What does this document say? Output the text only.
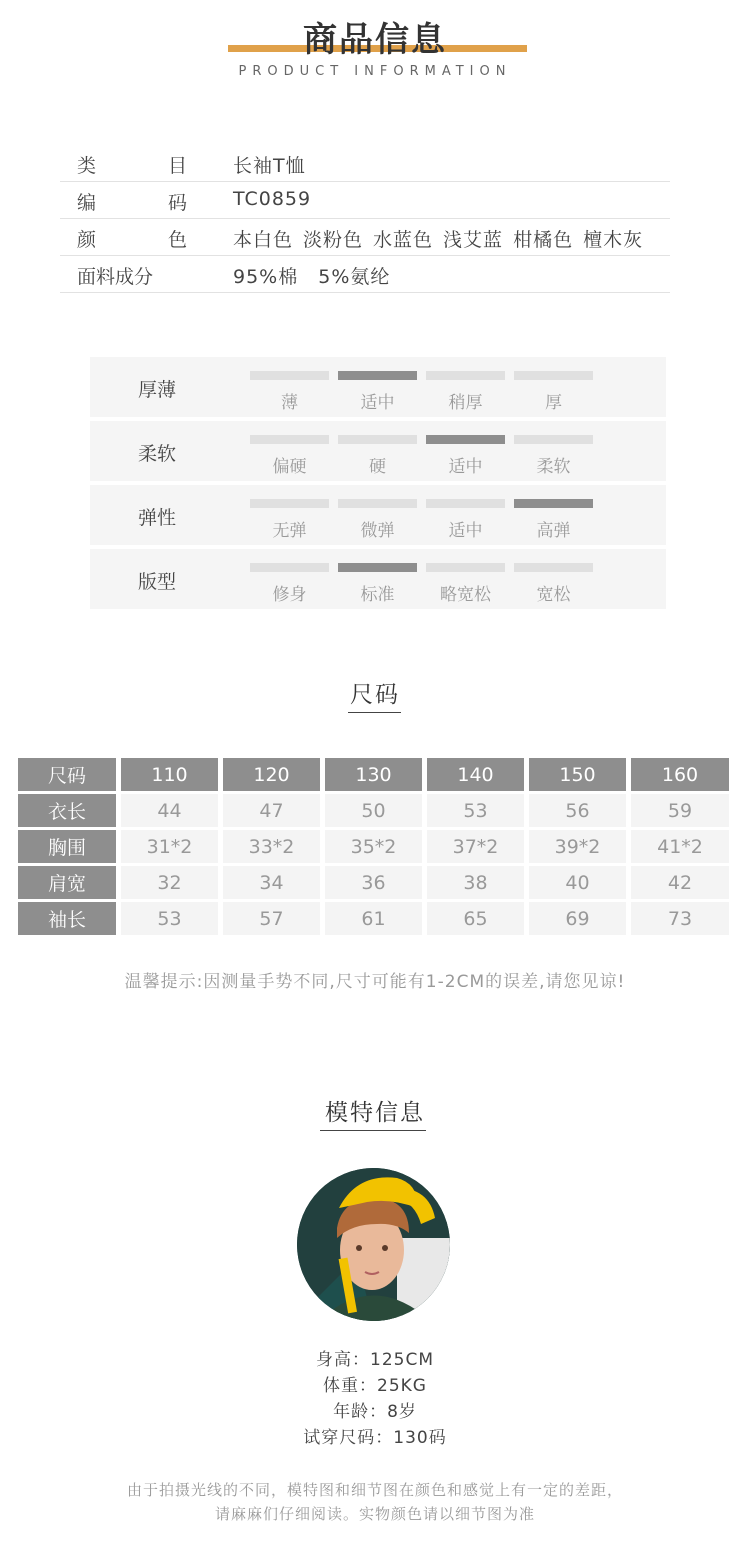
商品信息
PRODUCT INFORMATION
类	目 长袖T恤
编	码 TC0859
颜	色 本白色 淡粉色 水蓝色 浅艾蓝 柑橘色 檀木灰
面料成分	95%棉 5%氨纶
厚薄
薄	适中	稍厚	厚
柔软
偏硬	硬	适中	柔软
弹性
无弹	微弹	适中	高弹
版型
修身	标准	略宽松	宽松
尺码
尺码	110	120	130	140	150	160
衣长	44	47	50	53	56	59
胸围	31*2	33*2	35*2	37*2	39*2	41*2
肩宽	32	34	36	38	40	42
袖长	53	57	61	65	69	73
温馨提示:因测量手势不同,尺寸可能有1-2CM的误差,请您见谅!
模特信息
身高：125CM
体重：25KG
年龄：8岁
试穿尺码：130码
由于拍摄光线的不同，模特图和细节图在颜色和感觉上有一定的差距，
请麻麻们仔细阅读。实物颜色请以细节图为准
